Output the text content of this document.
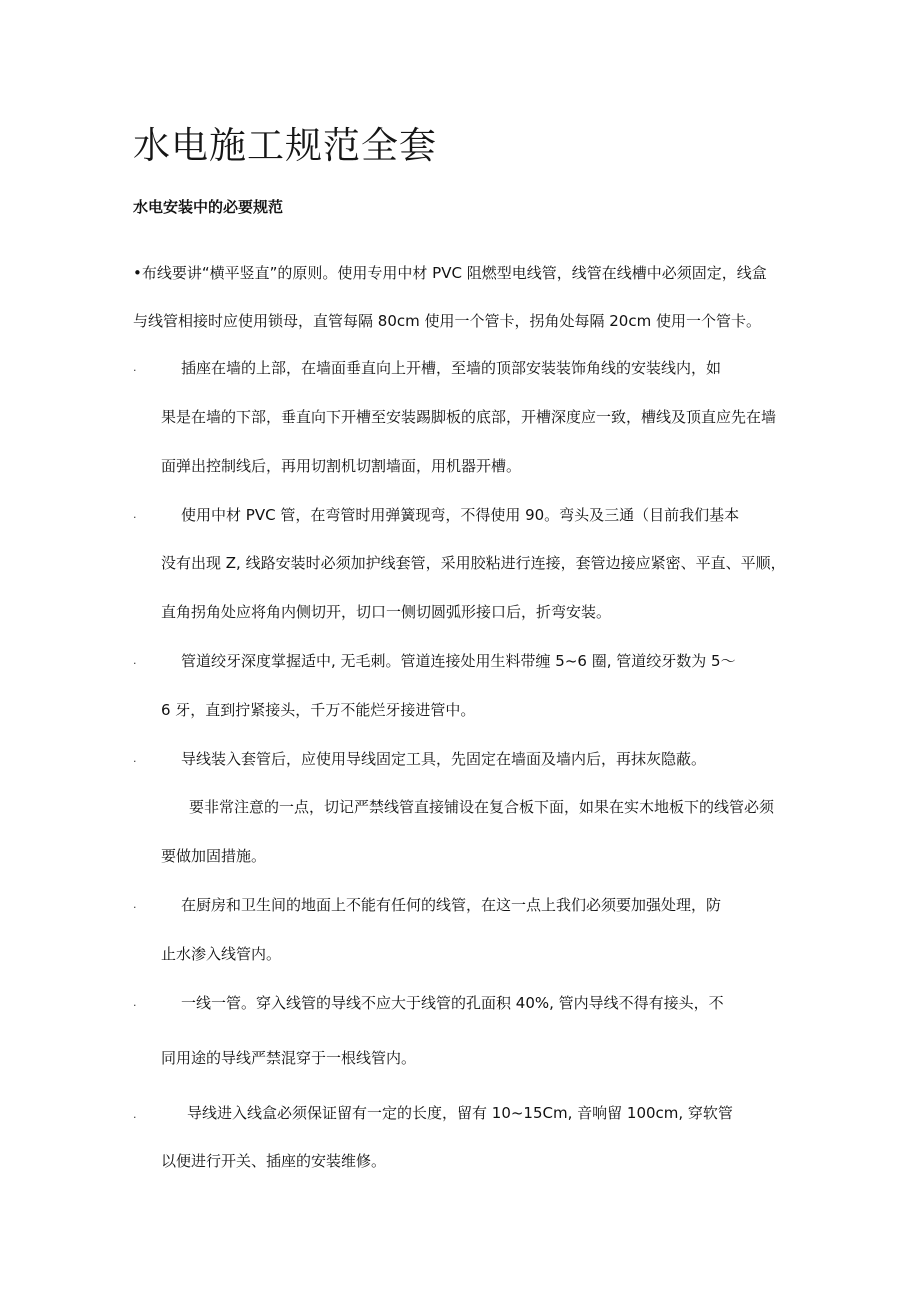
水电施工规范全套
水电安装中的必要规范

•布线要讲“横平竖直”的原则。使用专用中材 PVC 阻燃型电线管，线管在线槽中必须固定，线盒

与线管相接时应使用锁母，直管每隔 80cm 使用一个管卡，拐角处每隔 20cm 使用一个管卡。

.	插座在墙的上部，在墙面垂直向上开槽，至墙的顶部安装装饰角线的安装线内，如

果是在墙的下部，垂直向下开槽至安装踢脚板的底部，开槽深度应一致，槽线及顶直应先在墙

面弹出控制线后，再用切割机切割墙面，用机器开槽。

.	使用中材 PVC 管，在弯管时用弹簧现弯，不得使用 90。弯头及三通（目前我们基本

没有出现 Z, 线路安装时必须加护线套管，采用胶粘进行连接，套管边接应紧密、平直、平顺，

直角拐角处应将角内侧切开，切口一侧切圆弧形接口后，折弯安装。

.	管道绞牙深度掌握适中, 无毛刺。管道连接处用生料带缠 5~6 圈, 管道绞牙数为 5～

6 牙，直到拧紧接头，千万不能烂牙接进管中。

.	导线装入套管后，应使用导线固定工具，先固定在墙面及墙内后，再抹灰隐蔽。

要非常注意的一点，切记严禁线管直接铺设在复合板下面，如果在实木地板下的线管必须

要做加固措施。

.	在厨房和卫生间的地面上不能有任何的线管，在这一点上我们必须要加强处理，防

止水渗入线管内。

.	一线一管。穿入线管的导线不应大于线管的孔面积 40%, 管内导线不得有接头，不

同用途的导线严禁混穿于一根线管内。

.	导线进入线盒必须保证留有一定的长度，留有 10~15Cm, 音响留 100cm, 穿软管

以便进行开关、插座的安装维修。
